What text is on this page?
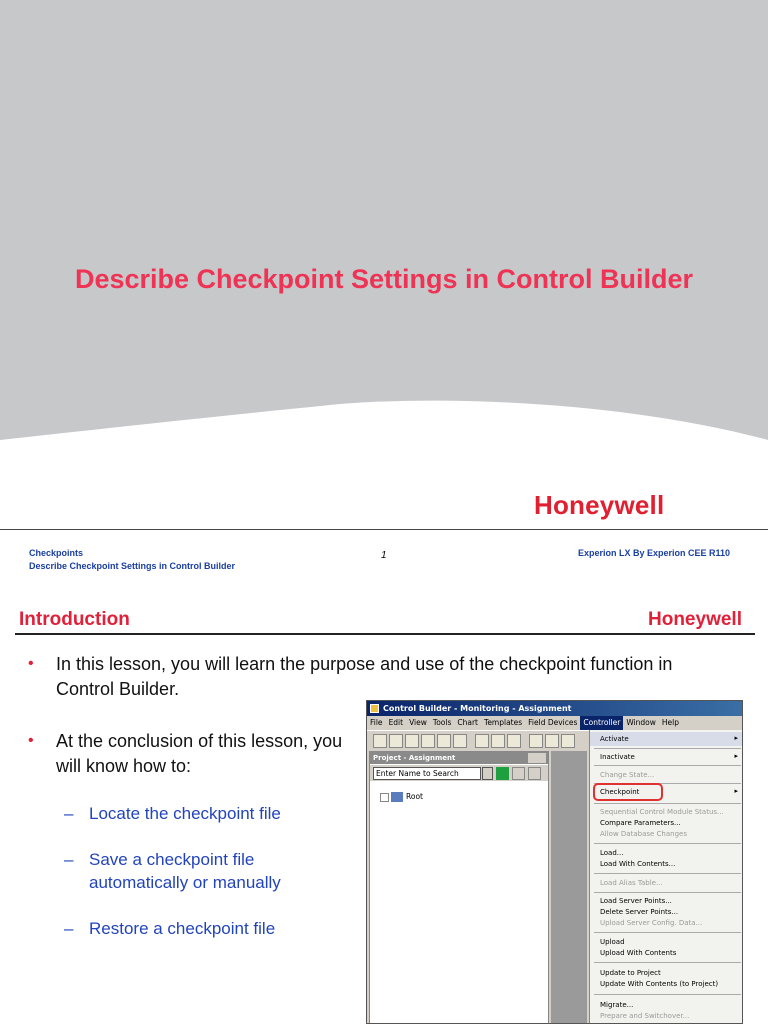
Describe Checkpoint Settings in Control Builder
Honeywell
Checkpoints
Describe Checkpoint Settings in Control Builder
1	Experion LX By Experion CEE R110
Introduction	Honeywell
• In this lesson, you will learn the purpose and use of the checkpoint function in Control Builder.
• At the conclusion of this lesson, you will know how to:
– Locate the checkpoint file
– Save a checkpoint file automatically or manually
– Restore a checkpoint file
Control Builder - Monitoring - Assignment
File Edit View Tools Chart Templates Field Devices Controller Window Help
Project - Assignment
Enter Name to Search
Root
Activate	▸
Inactivate	▸
Change State...
Checkpoint	▸
Sequential Control Module Status...
Compare Parameters...
Allow Database Changes
Load...
Load With Contents...
Load Alias Table...
Load Server Points...
Delete Server Points...
Upload Server Config. Data...
Upload
Upload With Contents
Update to Project
Update With Contents (to Project)
Migrate...
Prepare and Switchover...
